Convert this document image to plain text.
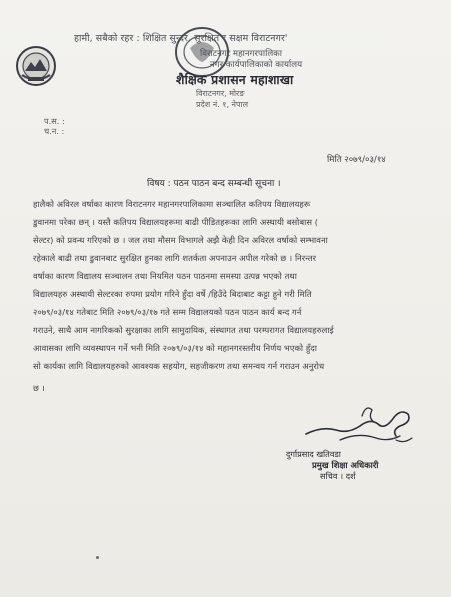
हामी, सबैको रहर : शिक्षित सुन्दर, सुरक्षित र सक्षम विराटनगर'
विराटनगर महानगरपालिका
नगर कार्यपालिकाको कार्यालय
शैक्षिक प्रशासन महाशाखा
विराटनगर, मोरङ
प्रदेश नं. १, नेपाल
प.स. :
च.न. :
मिति २०७९/०३/१४
विषय : पठन पाठन बन्द सम्बन्धी सूचना ।
हालैको अविरल वर्षाका कारण विराटनगर महानगरपालिकामा सञ्चालित कतिपय विद्यालयहरू
डुवानमा परेका छन् । यस्तै कतिपय विद्यालयहरूमा बाढी पीडितहरूका लागि अस्थायी बसोबास (
सेल्टर) को प्रवन्ध गरिएको छ । जल तथा मौसम विभागले अझै केही दिन अविरल वर्षाको सम्भावना
रहेकाले बाढी तथा डुवानबाट सुरक्षित हुनका लागि शतर्कता अपनाउन अपील गरेको छ । निरन्तर
वर्षाका कारण विद्यालय सञ्चालन तथा नियमित पठन पाठनमा समस्या उत्पन्न भएको तथा
विद्यालयहरु अस्थायी सेल्टरका रुपमा प्रयोग गरिने हुँदा वर्षे /हिउँदे बिदाबाट कट्टा हुने गरी मिति
२०७९/०३/१४ गतेबाट मिति २०७९/०३/१७ गते सम्म विद्यालयको पठन पाठन कार्य बन्द गर्न
गराउने, साथै आम नागरिकको सुरक्षाका लागि सामुदायिक, संस्थागत तथा परम्परागत विद्यालयहरुलाई
आवासका लागि व्यवस्थापन गर्ने भनी मिति २०७९/०३/१४ को महानगरस्तरीय निर्णय भएको हुँदा
सो कार्यका लागि विद्यालयहरुको आवश्यक सहयोग, सहजीकरण तथा समन्वय गर्न गराउन अनुरोध
छ ।
दुर्गाप्रसाद खतिवडा
प्रमुख शिक्षा अधिकारी
सचिव । दर्श
